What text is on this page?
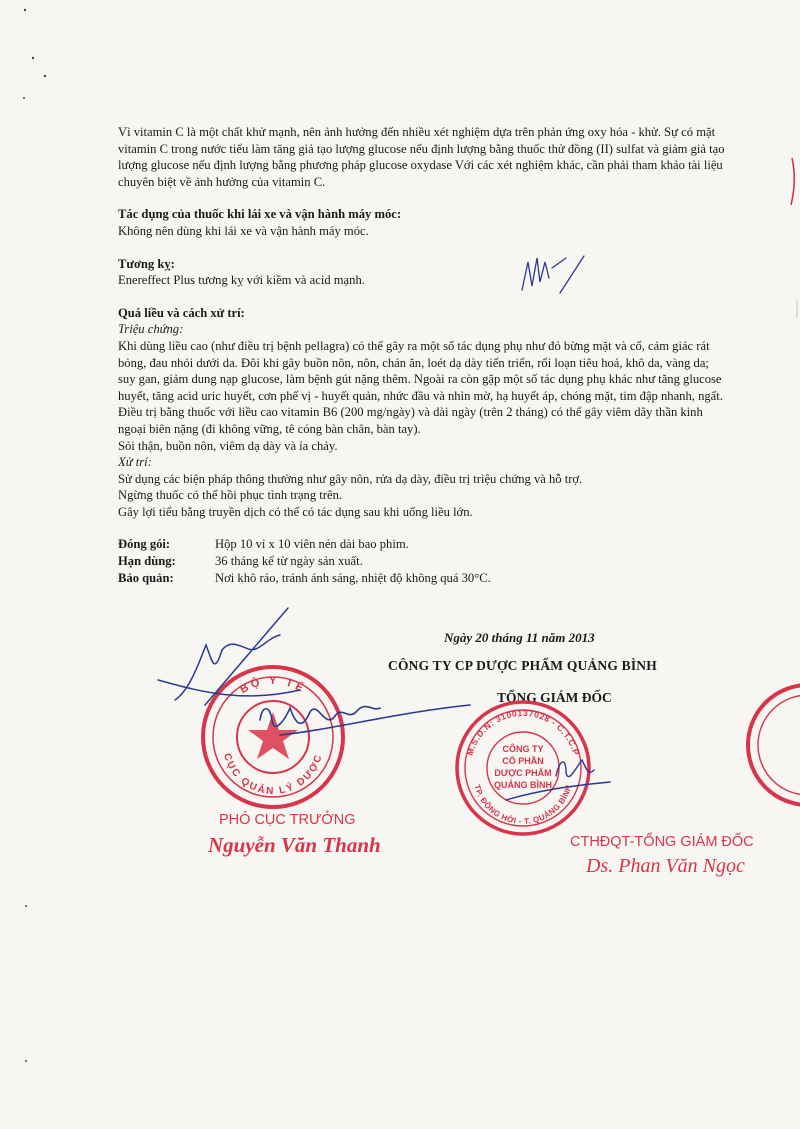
Vì vitamin C là một chất khử mạnh, nên ảnh hưởng đến nhiều xét nghiệm dựa trên phản ứng oxy hóa - khử. Sự có mặt vitamin C trong nước tiểu làm tăng giả tạo lượng glucose nếu định lượng bằng thuốc thử đồng (II) sulfat và giảm giả tạo lượng glucose nếu định lượng bằng phương pháp glucose oxydase Với các xét nghiệm khác, cần phải tham khảo tài liệu chuyên biệt về ảnh hưởng của vitamin C.

Tác dụng của thuốc khi lái xe và vận hành máy móc:

Không nên dùng khi lái xe và vận hành máy móc.

Tương kỵ:

Enereffect Plus tương kỵ với kiềm và acid mạnh.

Quá liều và cách xử trí:

Triệu chứng:

Khi dùng liều cao (như điều trị bệnh pellagra) có thể gây ra một số tác dụng phụ như đỏ bừng mặt và cổ, cảm giác rát bỏng, đau nhói dưới da. Đôi khi gây buồn nôn, nôn, chán ăn, loét dạ dày tiến triển, rối loạn tiêu hoá, khô da, vàng da; suy gan, giảm dung nạp glucose, làm bệnh gút nặng thêm. Ngoài ra còn gặp một số tác dụng phụ khác như tăng glucose huyết, tăng acid uric huyết, cơn phế vị - huyết quản, nhức đầu và nhìn mờ, hạ huyết áp, chóng mặt, tim đập nhanh, ngất.

Điều trị bằng thuốc với liều cao vitamin B6 (200 mg/ngày) và dài ngày (trên 2 tháng) có thể gây viêm dây thần kinh ngoại biên nặng (đi không vững, tê cóng bàn chân, bàn tay).

Sỏi thận, buồn nôn, viêm dạ dày và ỉa chảy.

Xử trí:

Sử dụng các biện pháp thông thường như gây nôn, rửa dạ dày, điều trị triệu chứng và hỗ trợ.

Ngừng thuốc có thể hồi phục tình trạng trên.

Gây lợi tiểu bằng truyền dịch có thể có tác dụng sau khi uống liều lớn.

Đóng gói:	Hộp 10 vỉ x 10 viên nén dài bao phim.
Hạn dùng:	36 tháng kể từ ngày sản xuất.
Bảo quản:	Nơi khô ráo, tránh ánh sáng, nhiệt độ không quá 30°C.
Ngày 20 tháng 11 năm 2013
CÔNG TY CP DƯỢC PHẨM QUẢNG BÌNH
TỔNG GIÁM ĐỐC
BỘ Y TẾ
CỤC QUẢN LÝ DƯỢC
PHÓ CỤC TRƯỞNG
Nguyễn Văn Thanh
M.S.D.N: 3100137028 - C.T.C.P
TP. ĐỒNG HỚI - T. QUẢNG BÌNH
CÔNG TY
CỔ PHẦN
DƯỢC PHẨM
QUẢNG BÌNH
CTHĐQT-TỔNG GIÁM ĐỐC
Ds. Phan Văn Ngọc
